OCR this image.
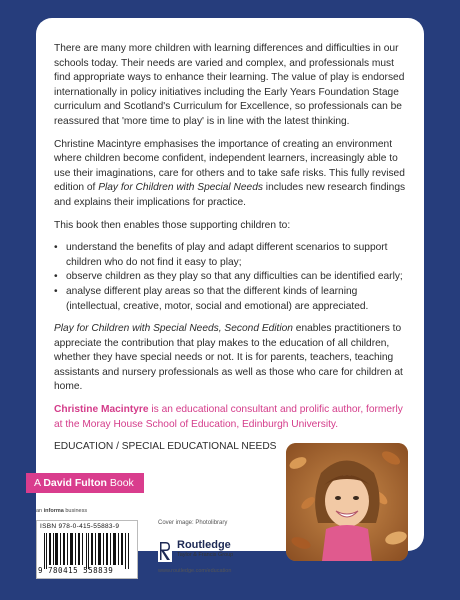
There are many more children with learning differences and difficulties in our schools today. Their needs are varied and complex, and professionals must find appropriate ways to enhance their learning. The value of play is endorsed internationally in policy initiatives including the Early Years Foundation Stage curriculum and Scotland's Curriculum for Excellence, so professionals can be reassured that 'more time to play' is in line with the latest thinking.

Christine Macintyre emphasises the importance of creating an environment where children become confident, independent learners, increasingly able to use their imaginations, care for others and to take safe risks. This fully revised edition of Play for Children with Special Needs includes new research findings and explains their implications for practice.

This book then enables those supporting children to:

• understand the benefits of play and adapt different scenarios to support children who do not find it easy to play;
• observe children as they play so that any difficulties can be identified early;
• analyse different play areas so that the different kinds of learning (intellectual, creative, motor, social and emotional) are appreciated.

Play for Children with Special Needs, Second Edition enables practitioners to appreciate the contribution that play makes to the education of all children, whether they have special needs or not. It is for parents, teachers, teaching assistants and nursery professionals as well as those who care for children at home.

Christine Macintyre is an educational consultant and prolific author, formerly at the Moray House School of Education, Edinburgh University.

EDUCATION / SPECIAL EDUCATIONAL NEEDS

A David Fulton Book
an informa business
ISBN 978-0-415-55883-9
9 780415 558839
Cover image: Photolibrary
Routledge
Taylor & Francis Group
www.routledge.com/education
